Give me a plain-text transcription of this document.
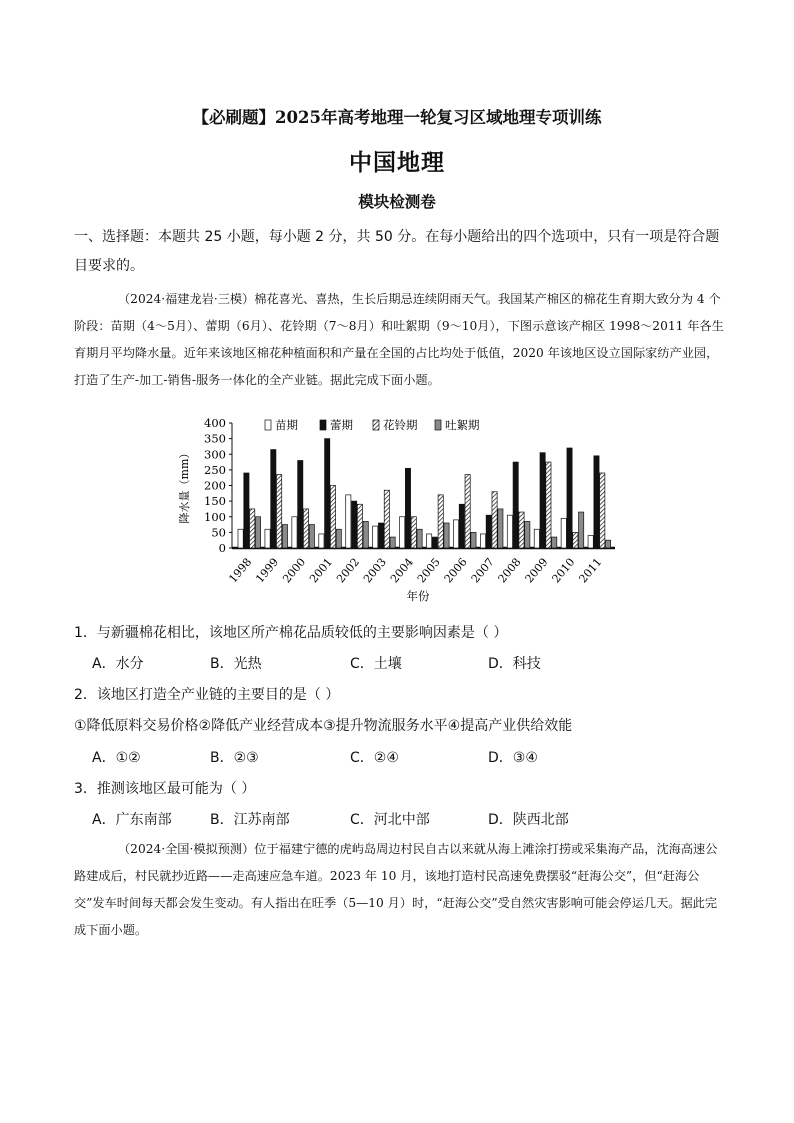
【必刷题】2025年高考地理一轮复习区域地理专项训练
中国地理
模块检测卷
一、选择题：本题共 25 小题，每小题 2 分，共 50 分。在每小题给出的四个选项中，只有一项是符合题目要求的。
（2024·福建龙岩·三模）棉花喜光、喜热，生长后期忌连续阴雨天气。我国某产棉区的棉花生育期大致分为 4 个阶段：苗期（4～5月）、蕾期（6月）、花铃期（7～8月）和吐絮期（9～10月），下图示意该产棉区 1998～2011 年各生育期月平均降水量。近年来该地区棉花种植面积和产量在全国的占比均处于低值，2020 年该地区设立国际家纺产业园，打造了生产-加工-销售-服务一体化的全产业链。据此完成下面小题。
0
50
100
150
200
250
300
350
400
降水量（mm）
1998
1999
2000
2001
2002
2003
2004
2005
2006
2007
2008
2009
2010
2011
年份
苗期	蕾期	花铃期 吐絮期
1．与新疆棉花相比，该地区所产棉花品质较低的主要影响因素是（ ）
A．水分	B．光热	C．土壤	D．科技
2．该地区打造全产业链的主要目的是（ ）
①降低原料交易价格②降低产业经营成本③提升物流服务水平④提高产业供给效能
A．①②	B．②③	C．②④	D．③④
3．推测该地区最可能为（ ）
A．广东南部	B．江苏南部	C．河北中部	D．陕西北部
（2024·全国·模拟预测）位于福建宁德的虎屿岛周边村民自古以来就从海上滩涂打捞或采集海产品，沈海高速公路建成后，村民就抄近路——走高速应急车道。2023 年 10 月，该地打造村民高速免费摆驳“赶海公交”，但“赶海公交”发车时间每天都会发生变动。有人指出在旺季（5—10 月）时，“赶海公交”受自然灾害影响可能会停运几天。据此完成下面小题。
